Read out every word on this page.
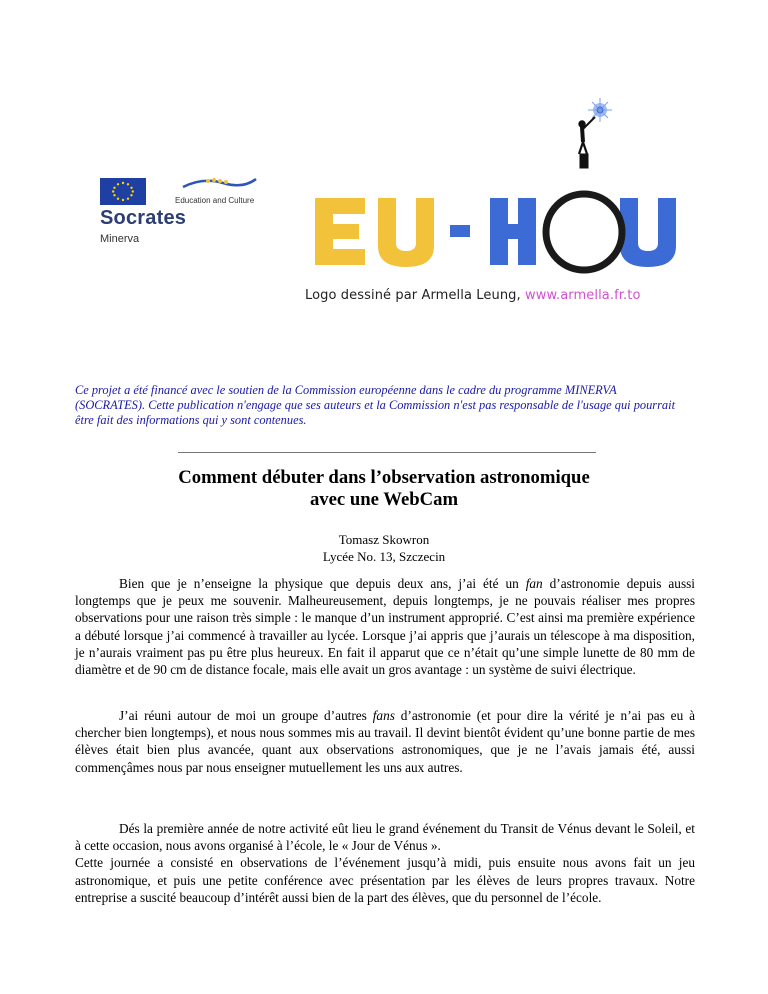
Education and Culture
Socrates
Minerva
Logo dessiné par Armella Leung, www.armella.fr.to
Ce projet a été financé avec le soutien de la Commission européenne dans le cadre du programme MINERVA (SOCRATES). Cette publication n'engage que ses auteurs et la Commission n'est pas responsable de l'usage qui pourrait être fait des informations qui y sont contenues.
Comment débuter dans l’observation astronomique
avec une WebCam
Tomasz Skowron
Lycée No. 13, Szczecin

Bien que je n’enseigne la physique que depuis deux ans, j’ai été un fan d’astronomie depuis aussi longtemps que je peux me souvenir. Malheureusement, depuis longtemps, je ne pouvais réaliser mes propres observations pour une raison très simple : le manque d’un instrument approprié. C’est ainsi ma première expérience a débuté lorsque j’ai commencé à travailler au lycée. Lorsque j’ai appris que j’aurais un télescope à ma disposition, je n’aurais vraiment pas pu être plus heureux. En fait il apparut que ce n’était qu’une simple lunette de 80 mm de diamètre et de 90 cm de distance focale, mais elle avait un gros avantage : un système de suivi électrique.

J’ai réuni autour de moi un groupe d’autres fans d’astronomie (et pour dire la vérité je n’ai pas eu à chercher bien longtemps), et nous nous sommes mis au travail. Il devint bientôt évident qu’une bonne partie de mes élèves était bien plus avancée, quant aux observations astronomiques, que je ne l’avais jamais été, aussi commençâmes nous par nous enseigner mutuellement les uns aux autres.

Dés la première année de notre activité eût lieu le grand événement du Transit de Vénus devant le Soleil, et à cette occasion, nous avons organisé à l’école, le « Jour de Vénus ».

Cette journée a consisté en observations de l’événement jusqu’à midi, puis ensuite nous avons fait un jeu astronomique, et puis une petite conférence avec présentation par les élèves de leurs propres travaux. Notre entreprise a suscité beaucoup d’intérêt aussi bien de la part des élèves, que du personnel de l’école.
